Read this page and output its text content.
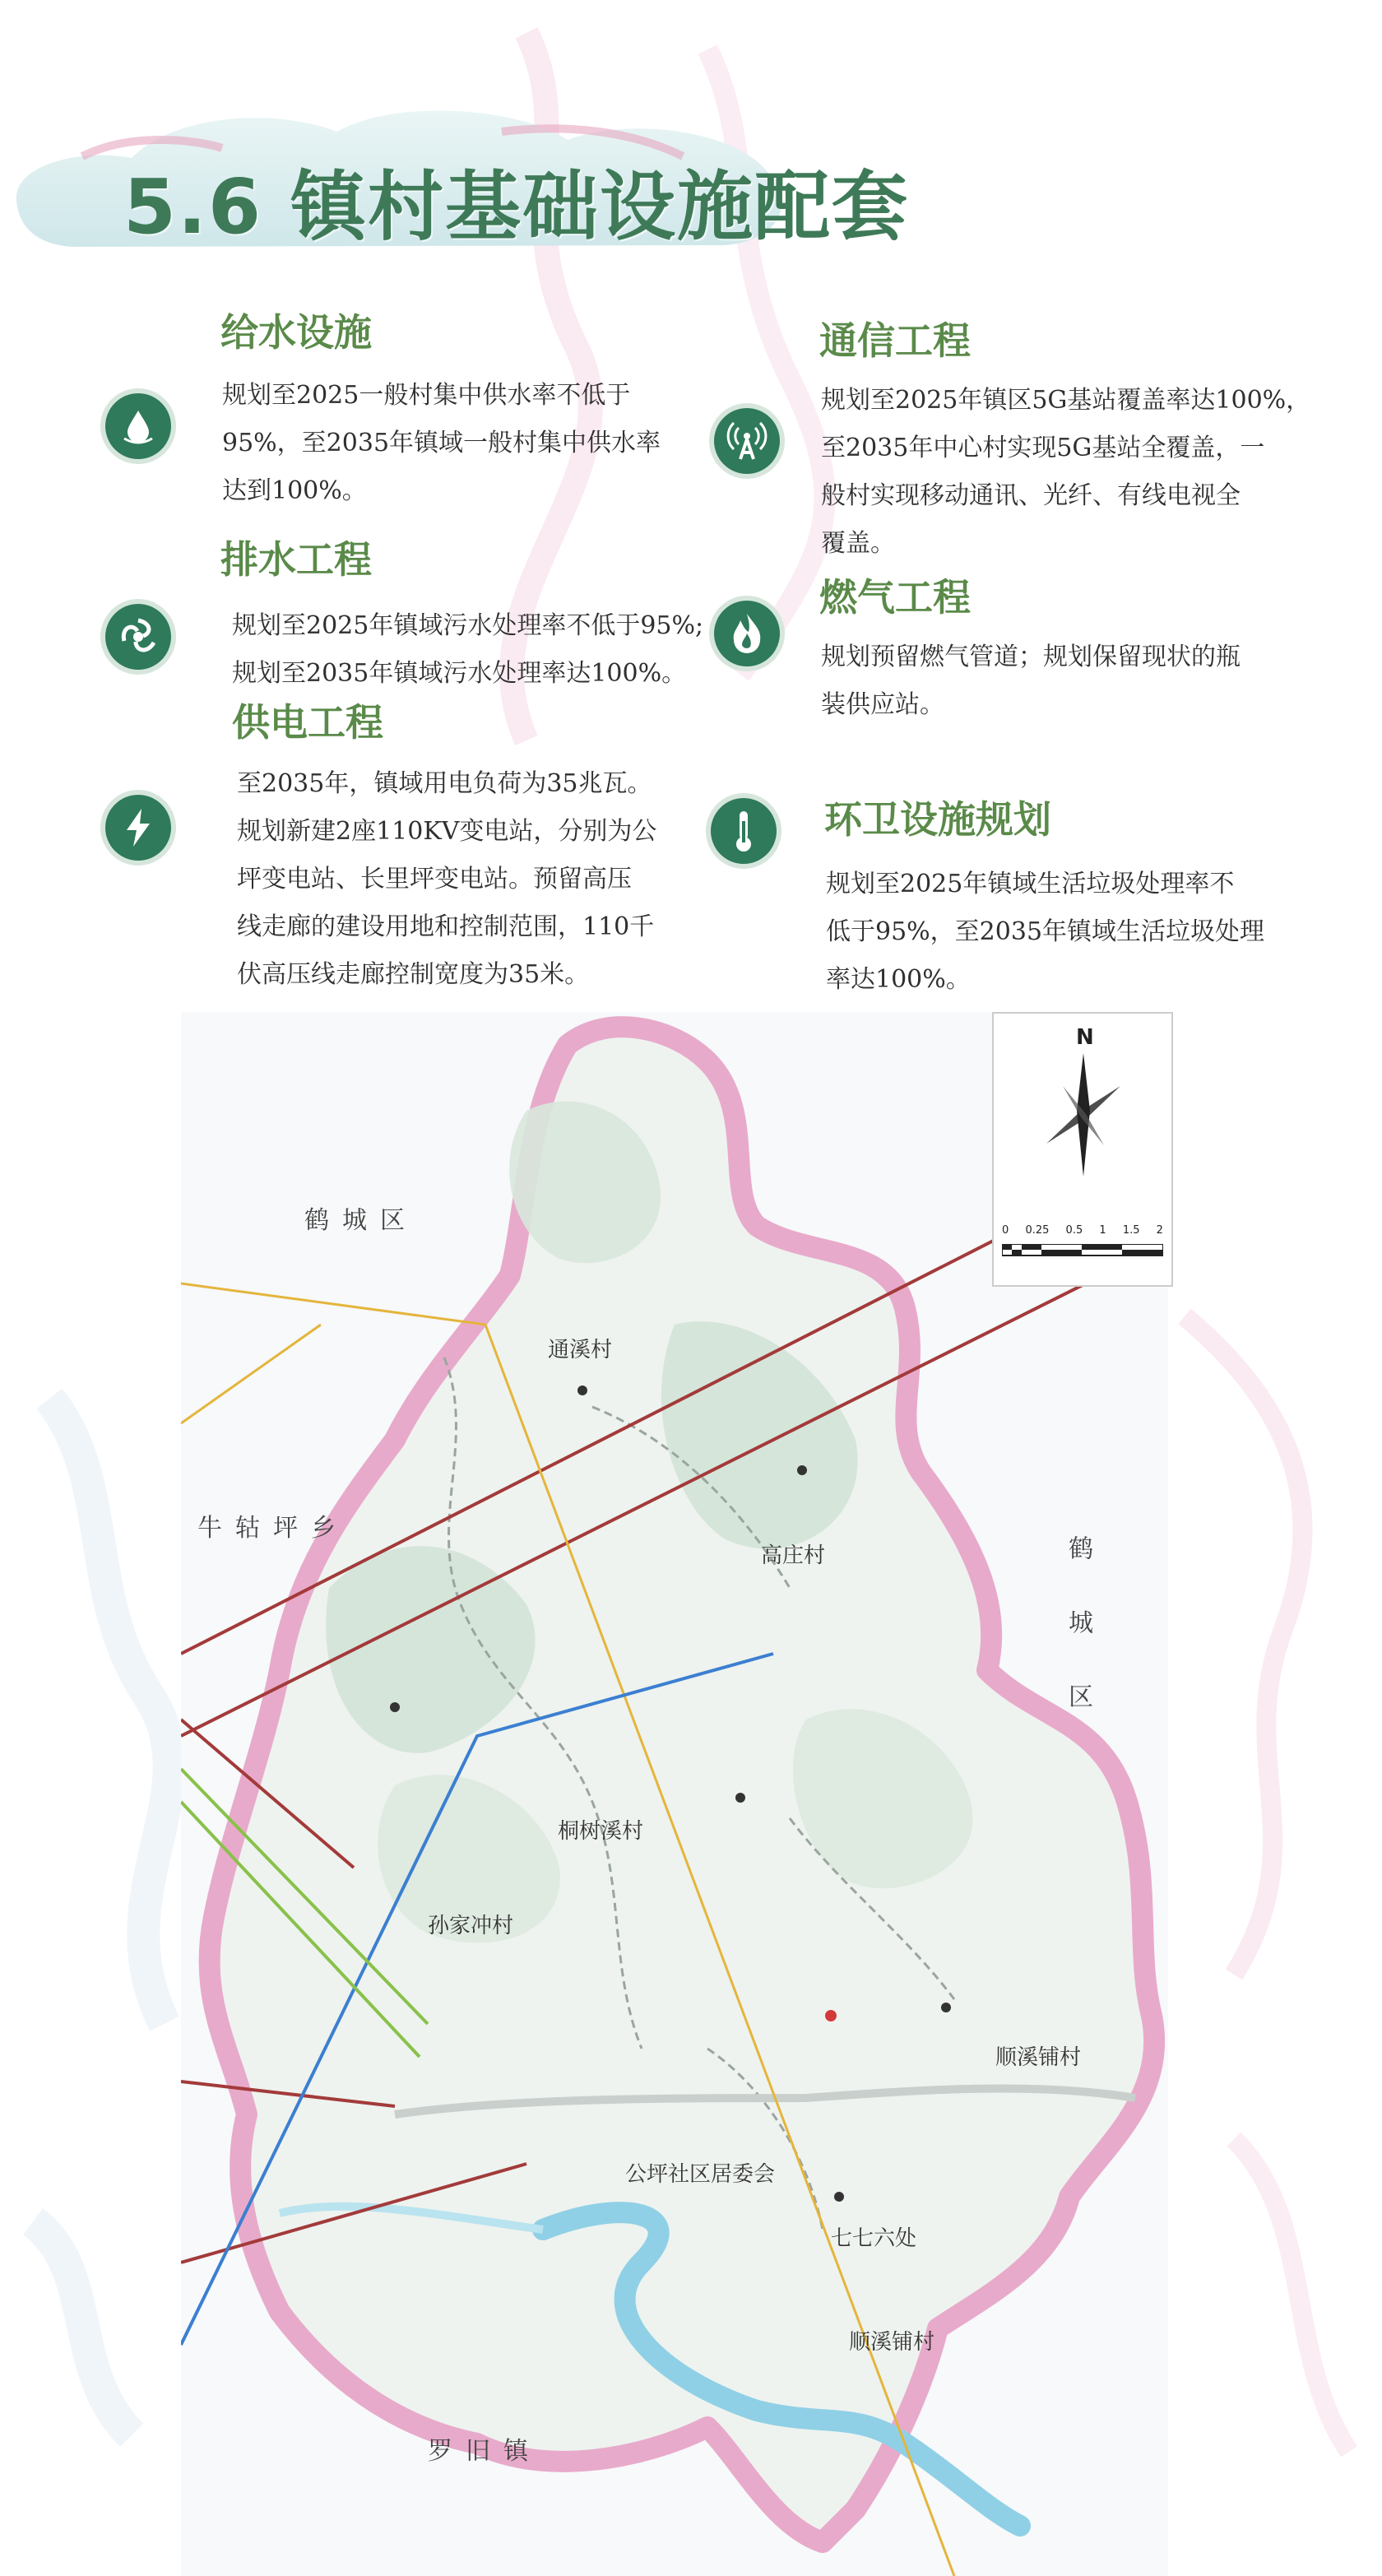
5.6 镇村基础设施配套
给水设施
规划至2025一般村集中供水率不低于
95%，至2035年镇域一般村集中供水率
达到100%。
排水工程
规划至2025年镇域污水处理率不低于95%;
规划至2035年镇域污水处理率达100%。
供电工程
至2035年，镇域用电负荷为35兆瓦。
规划新建2座110KV变电站，分别为公
坪变电站、长里坪变电站。预留高压
线走廊的建设用地和控制范围，110千
伏高压线走廊控制宽度为35米。
通信工程
规划至2025年镇区5G基站覆盖率达100%，
至2035年中心村实现5G基站全覆盖，一
般村实现移动通讯、光纤、有线电视全
覆盖。
燃气工程
规划预留燃气管道；规划保留现状的瓶
装供应站。
环卫设施规划
规划至2025年镇域生活垃圾处理率不
低于95%，至2035年镇域生活垃圾处理
率达100%。
鹤城区
牛轱坪乡
鹤城区
罗旧镇
通溪村
高庄村
桐树溪村
孙家冲村
顺溪铺村
公坪社区居委会
七七六处
顺溪铺村
N
0 0.25 0.5 1 1.5 2
